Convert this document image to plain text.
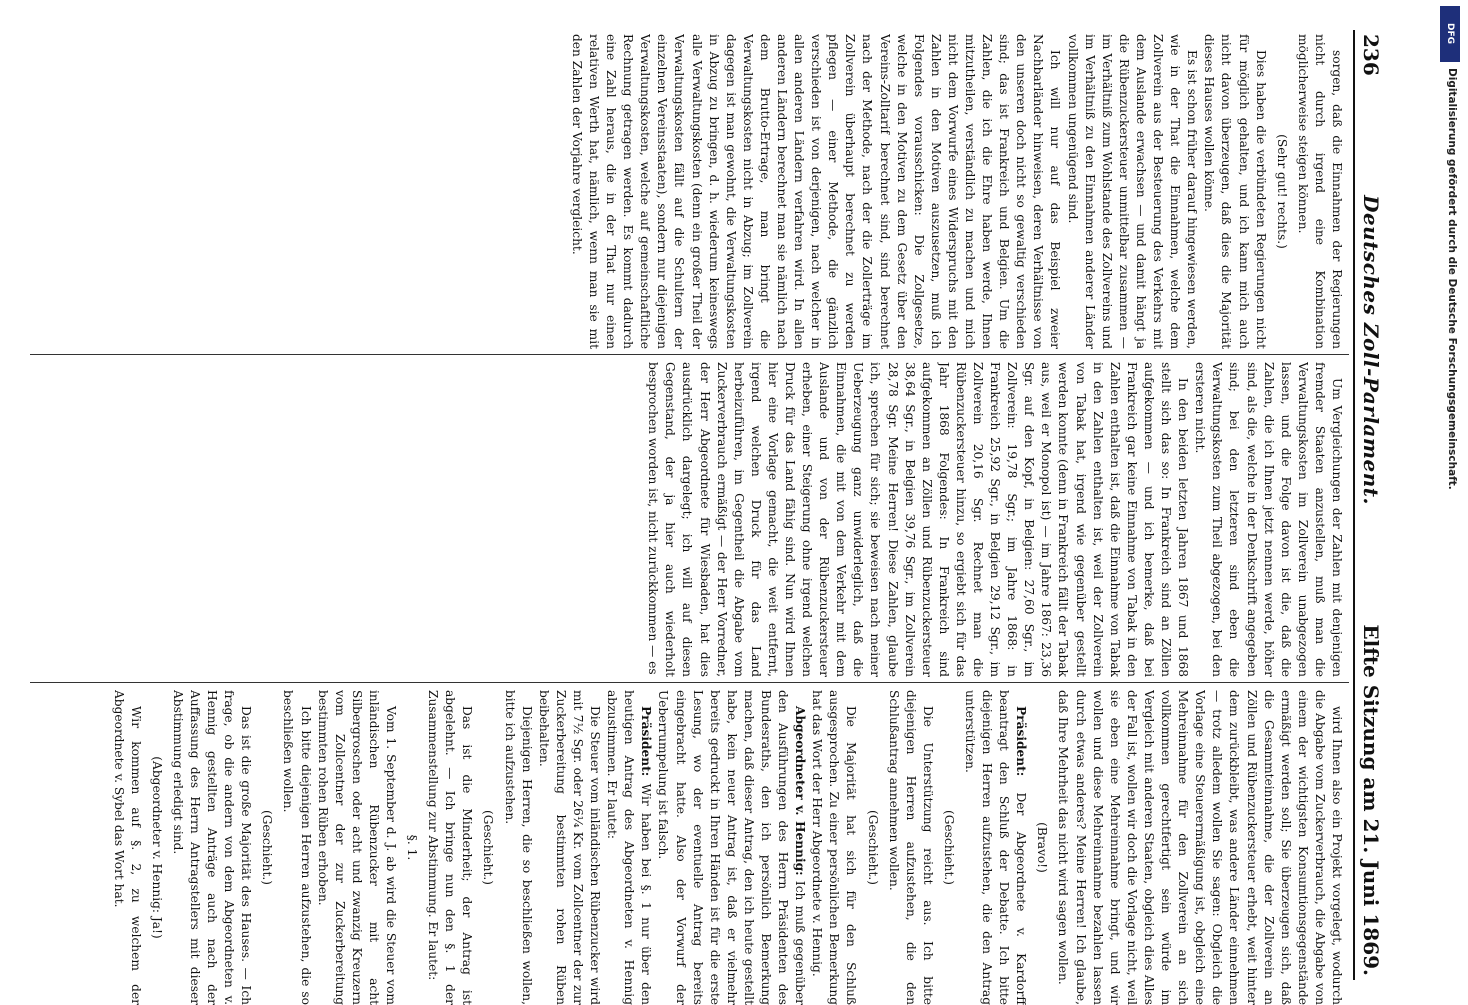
236
Deutsches Zoll-Parlament.
Elfte Sitzung am 21. Juni 1869.

sorgen, daß die Einnahmen der Regierungen nicht durch irgend eine Kombination möglicherweise steigen können.

(Sehr gut! rechts.)

Dies haben die verbündeten Regierungen nicht für möglich gehalten, und ich kann mich auch nicht davon überzeugen, daß dies die Majorität dieses Hauses wollen könne.

Es ist schon früher darauf hingewiesen werden, wie in der That die Einnahmen, welche dem Zollverein aus der Besteuerung des Verkehrs mit dem Auslande erwachsen — und damit hängt ja die Rübenzuckersteuer unmittelbar zusammen — im Verhältniß zum Wohlstande des Zollvereins und im Verhältniß zu den Einnahmen anderer Länder vollkommen ungenügend sind.

Ich will nur auf das Beispiel zweier Nachbarländer hinweisen, deren Verhältnisse von den unseren doch nicht so gewaltig verschieden sind; das ist Frankreich und Belgien. Um die Zahlen, die ich die Ehre haben werde, Ihnen mitzutheilen, verständlich zu machen und mich nicht dem Vorwurfe eines Widerspruchs mit den Zahlen in den Motiven auszusetzen, muß ich Folgendes vorausschicken: Die Zollgesetze, welche in den Motiven zu dem Gesetz über den Vereins-Zolltarif berechnet sind, sind berechnet nach der Methode, nach der die Zollerträge im Zollverein überhaupt berechnet zu werden pflegen — einer Methode, die gänzlich verschieden ist von derjenigen, nach welcher in allen anderen Ländern verfahren wird. In allen anderen Ländern berechnet man sie nämlich nach dem Brutto-Ertrage, man bringt die Verwaltungskosten nicht in Abzug; im Zollverein dagegen ist man gewohnt, die Verwaltungskosten in Abzug zu bringen, d. h. wiederum keineswegs alle Verwaltungskosten (denn ein großer Theil der Verwaltungskosten fällt auf die Schultern der einzelnen Vereinsstaaten), sondern nur diejenigen Verwaltungskosten, welche auf gemeinschaftliche Rechnung getragen werden. Es kommt dadurch eine Zahl heraus, die in der That nur einen relativen Werth hat, nämlich, wenn man sie mit den Zahlen der Vorjahre vergleicht.

Um Vergleichungen der Zahlen mit denjenigen fremder Staaten anzustellen, muß man die Verwaltungskosten im Zollverein unabgezogen lassen, und die Folge davon ist die, daß die Zahlen, die ich Ihnen jetzt nennen werde, höher sind, als die, welche in der Denkschrift angegeben sind; bei den letzteren sind eben die Verwaltungskosten zum Theil abgezogen, bei den ersteren nicht.

In den beiden letzten Jahren 1867 und 1868 stellt sich das so: In Frankreich sind an Zöllen aufgekommen — und ich bemerke, daß bei Frankreich gar keine Einnahme von Tabak in den Zahlen enthalten ist, daß die Einnahme von Tabak in den Zahlen enthalten ist, weil der Zollverein von Tabak hat, irgend wie gegenüber gestellt werden konnte (denn in Frankreich fällt der Tabak aus, weil er Monopol ist) — im Jahre 1867: 23,36 Sgr. auf den Kopf, in Belgien: 27,60 Sgr., im Zollverein: 19,78 Sgr.; im Jahre 1868: in Frankreich 25,92 Sgr., in Belgien 29,12 Sgr., im Zollverein 20,16 Sgr. Rechnet man die Rübenzuckersteuer hinzu, so ergiebt sich für das Jahr 1868 Folgendes: In Frankreich sind aufgekommen an Zöllen und Rübenzuckersteuer 38,64 Sgr., in Belgien 39,76 Sgr., im Zollverein 28,78 Sgr. Meine Herren! Diese Zahlen, glaube ich, sprechen für sich; sie beweisen nach meiner Ueberzeugung ganz unwiderleglich, daß die Einnahmen, die mit von dem Verkehr mit dem Auslande und von der Rübenzuckersteuer erheben, einer Steigerung ohne irgend welchen Druck für das Land fähig sind. Nun wird Ihnen hier eine Vorlage gemacht, die weit entfernt, irgend welchen Druck für das Land herbeizuführen, im Gegentheil die Abgabe vom Zuckerverbrauch ermäßigt — der Herr Vorredner, der Herr Abgeordnete für Wiesbaden, hat dies ausdrücklich dargelegt; ich will auf diesen Gegenstand, der ja hier auch wiederholt besprochen worden ist, nicht zurückkommen — es

wird Ihnen also ein Projekt vorgelegt, wodurch die Abgabe vom Zuckerverbrauch, die Abgabe von einem der wichtigsten Konsumtionsgegenstände ermäßigt werden soll; Sie überzeugen sich, daß die Gesammteinnahme, die der Zollverein an Zöllen und Rübenzuckersteuer erhebt, weit hinter dem zurückbleibt, was andere Länder einnehmen — trotz alledem wollen Sie sagen: Obgleich die Vorlage eine Steuerermäßigung ist, obgleich eine Mehreinnahme für den Zollverein an sich vollkommen gerechtfertigt sein würde im Vergleich mit anderen Staaten, obgleich dies Alles der Fall ist, wollen wir doch die Vorlage nicht, weil sie eben eine Mehreinnahme bringt, und wir wollen und diese Mehreinnahme bezahlen lassen durch etwas anderes? Meine Herren! Ich glaube, daß Ihre Mehrheit das nicht wird sagen wollen.

(Bravo!)

Präsident: Der Abgeordnete v. Kardorff beantragt den Schluß der Debatte. Ich bitte diejenigen Herren aufzustehen, die den Antrag unterstützen.

(Geschieht.)

Die Unterstützung reicht aus. Ich bitte diejenigen Herren aufzustehen, die den Schlußantrag annehmen wollen.

(Geschieht.)

Die Majorität hat sich für den Schluß ausgesprochen. Zu einer persönlichen Bemerkung hat das Wort der Herr Abgeordnete v. Hennig.

Abgeordneter v. Hennig: Ich muß gegenüber den Ausführungen des Herrn Präsidenten des Bundesraths, den ich persönlich Bemerkung machen, daß dieser Antrag, den ich heute gestellt habe, kein neuer Antrag ist, daß er vielmehr bereits gedruckt in Ihren Händen ist für die erste Lesung, wo der eventuelle Antrag bereits eingebracht hatte. Also der Vorwurf der Ueberrumpelung ist falsch.

Präsident: Wir haben bei §. 1 nur über den heutigen Antrag des Abgeordneten v. Hennig abzustimmen. Er lautet:

Die Steuer vom inländischen Rübenzucker wird mit 7½ Sgr. oder 26¼ Kr. vom Zollcentner der zur Zuckerbereitung bestimmten rohen Rüben beibehalten.

Diejenigen Herren, die so beschließen wollen, bitte ich aufzustehen.

(Geschieht.)

Das ist die Minderheit; der Antrag ist abgelehnt. — Ich bringe nun den §. 1 der Zusammenstellung zur Abstimmung. Er lautet:

§. 1.

Vom 1. September d. J. ab wird die Steuer vom inländischen Rübenzucker mit acht Silbergroschen oder acht und zwanzig Kreuzern vom Zollcentner der zur Zuckerbereitung bestimmten rohen Rüben erhoben.

Ich bitte diejenigen Herren aufzustehen, die so beschließen wollen.

(Geschieht.)

Das ist die große Majorität des Hauses. — Ich frage, ob die andern von dem Abgeordneten v. Hennig gestellten Anträge auch nach der Auffassung des Herrn Antragstellers mit dieser Abstimmung erledigt sind.

(Abgeordneter v. Hennig: Ja!)

Wir kommen auf §. 2, zu welchem der Abgeordnete v. Sybel das Wort hat.

DFG
Digitalisierung gefördert durch die Deutsche Forschungsgemeinschaft.
